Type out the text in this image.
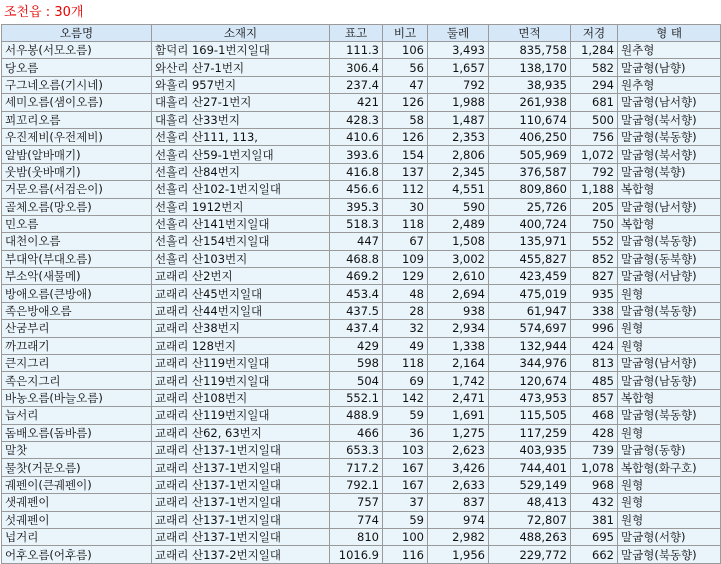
조천읍 : 30개
오름명	소재지	표고	비고	둘레	면적	저경	형 태
서우봉(서모오름)	함덕리 169-1번지일대	111.3	106	3,493	835,758	1,284	원추형
당오름	와산리 산7-1번지	306.4	56	1,657	138,170	582	말굽형(남향)
구그네오름(기시네)	와흘리 957번지	237.4	47	792	38,935	294	원추형
세미오름(샘이오름)	대흘리 산27-1번지	421	126	1,988	261,938	681	말굽형(남서향)
꾀꼬리오름	대흘리 산33번지	428.3	58	1,487	110,674	500	말굽형(북서향)
우진제비(우전제비)	선흘리 산111, 113,	410.6	126	2,353	406,250	756	말굽형(북동향)
알밤(알바매기)	선흘리 산59-1번지일대	393.6	154	2,806	505,969	1,072	말굽형(북서향)
웃밤(웃바매기)	선흘리 산84번지	416.8	137	2,345	376,587	792	말굽형(북향)
거문오름(서검은이)	선흘리 산102-1번지일대	456.6	112	4,551	809,860	1,188	복합형
골체오름(망오름)	선흘리 1912번지	395.3	30	590	25,726	205	말굽형(남서향)
민오름	선흘리 산141번지일대	518.3	118	2,489	400,724	750	복합형
대천이오름	선흘리 산154번지일대	447	67	1,508	135,971	552	말굽형(북동향)
부대악(부대오름)	선흘리 산103번지	468.8	109	3,002	455,827	852	말굽형(동북향)
부소악(새물메)	교래리 산2번지	469.2	129	2,610	423,459	827	말굽형(서남향)
방애오름(큰방애)	교래리 산45번지일대	453.4	48	2,694	475,019	935	원형
족은방애오름	교래리 산44번지일대	437.5	28	938	61,947	338	말굽형(북동향)
산굼부리	교래리 산38번지	437.4	32	2,934	574,697	996	원형
까끄래기	교래리 128번지	429	49	1,338	132,944	424	원형
큰지그리	교래리 산119번지일대	598	118	2,164	344,976	813	말굽형(남서향)
족은지그리	교래리 산119번지일대	504	69	1,742	120,674	485	말굽형(남동향)
바농오름(바늘오름)	교래리 산108번지	552.1	142	2,471	473,953	857	복합형
늡서리	교래리 산119번지일대	488.9	59	1,691	115,505	468	말굽형(북동향)
돔배오름(돔바름)	교래리 산62, 63번지	466	36	1,275	117,259	428	원형
말찻	교래리 산137-1번지일대	653.3	103	2,623	403,935	739	말굽형(동향)
물찻(거문오름)	교래리 산137-1번지일대	717.2	167	3,426	744,401	1,078	복합형(화구호)
궤펜이(큰궤펜이)	교래리 산137-1번지일대	792.1	167	2,633	529,149	968	원형
샛궤펜이	교래리 산137-1번지일대	757	37	837	48,413	432	원형
섯궤펜이	교래리 산137-1번지일대	774	59	974	72,807	381	원형
넙거리	교래리 산137-1번지일대	810	100	2,982	488,263	695	말굽형(서향)
어후오름(어후름)	교래리 산137-2번지일대	1016.9	116	1,956	229,772	662	말굽형(북동향)
